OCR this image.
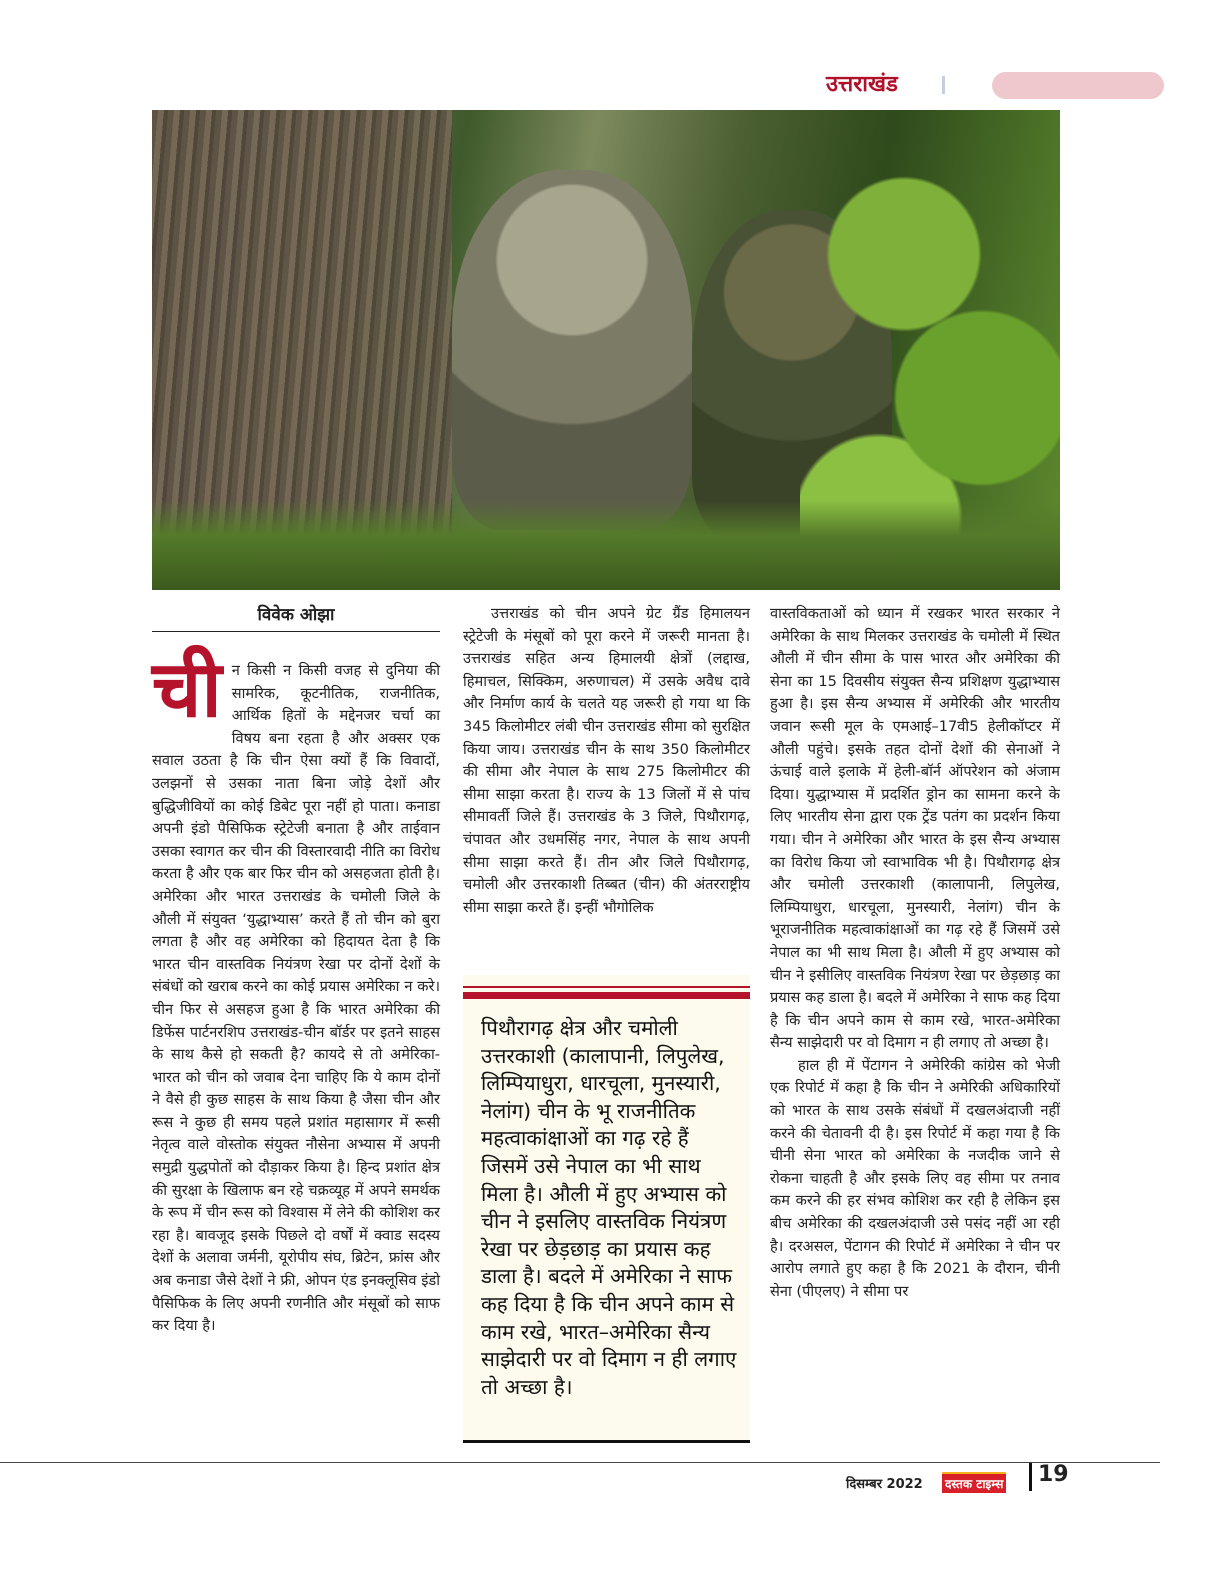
उत्तराखंड
विवेक ओझा
ची न किसी न किसी वजह से दुनिया की सामरिक, कूटनीतिक, राजनीतिक, आर्थिक हितों के मद्देनजर चर्चा का विषय बना रहता है और अक्सर एक सवाल उठता है कि चीन ऐसा क्यों हैं कि विवादों, उलझनों से उसका नाता बिना जोड़े देशों और बुद्धिजीवियों का कोई डिबेट पूरा नहीं हो पाता। कनाडा अपनी इंडो पैसिफिक स्ट्रेटेजी बनाता है और ताईवान उसका स्वागत कर चीन की विस्तारवादी नीति का विरोध करता है और एक बार फिर चीन को असहजता होती है। अमेरिका और भारत उत्तराखंड के चमोली जिले के औली में संयुक्त ‘युद्धाभ्यास’ करते हैं तो चीन को बुरा लगता है और वह अमेरिका को हिदायत देता है कि भारत चीन वास्तविक नियंत्रण रेखा पर दोनों देशों के संबंधों को खराब करने का कोई प्रयास अमेरिका न करे। चीन फिर से असहज हुआ है कि भारत अमेरिका की डिफेंस पार्टनरशिप उत्तराखंड-चीन बॉर्डर पर इतने साहस के साथ कैसे हो सकती है? कायदे से तो अमेरिका-भारत को चीन को जवाब देना चाहिए कि ये काम दोनों ने वैसे ही कुछ साहस के साथ किया है जैसा चीन और रूस ने कुछ ही समय पहले प्रशांत महासागर में रूसी नेतृत्व वाले वोस्तोक संयुक्त नौसेना अभ्यास में अपनी समुद्री युद्धपोतों को दौड़ाकर किया है। हिन्द प्रशांत क्षेत्र की सुरक्षा के खिलाफ बन रहे चक्रव्यूह में अपने समर्थक के रूप में चीन रूस को विश्वास में लेने की कोशिश कर रहा है। बावजूद इसके पिछले दो वर्षों में क्वाड सदस्य देशों के अलावा जर्मनी, यूरोपीय संघ, ब्रिटेन, फ्रांस और अब कनाडा जैसे देशों ने फ्री, ओपन एंड इनक्लूसिव इंडो पैसिफिक के लिए अपनी रणनीति और मंसूबों को साफ कर दिया है।

उत्तराखंड को चीन अपने ग्रेट ग्रैंड हिमालयन स्ट्रेटेजी के मंसूबों को पूरा करने में जरूरी मानता है। उत्तराखंड सहित अन्य हिमालयी क्षेत्रों (लद्दाख, हिमाचल, सिक्किम, अरुणाचल) में उसके अवैध दावे और निर्माण कार्य के चलते यह जरूरी हो गया था कि 345 किलोमीटर लंबी चीन उत्तराखंड सीमा को सुरक्षित किया जाय। उत्तराखंड चीन के साथ 350 किलोमीटर की सीमा और नेपाल के साथ 275 किलोमीटर की सीमा साझा करता है। राज्य के 13 जिलों में से पांच सीमावर्ती जिले हैं। उत्तराखंड के 3 जिले, पिथौरागढ़, चंपावत और उधमसिंह नगर, नेपाल के साथ अपनी सीमा साझा करते हैं। तीन और जिले पिथौरागढ़, चमोली और उत्तरकाशी तिब्बत (चीन) की अंतरराष्ट्रीय सीमा साझा करते हैं। इन्हीं भौगोलिक

पिथौरागढ़ क्षेत्र और चमोली उत्तरकाशी (कालापानी, लिपुलेख, लिम्पियाधुरा, धारचूला, मुनस्यारी, नेलांग) चीन के भू राजनीतिक महत्वाकांक्षाओं का गढ़ रहे हैं जिसमें उसे नेपाल का भी साथ मिला है। औली में हुए अभ्यास को चीन ने इसलिए वास्तविक नियंत्रण रेखा पर छेड़छाड़ का प्रयास कह डाला है। बदले में अमेरिका ने साफ कह दिया है कि चीन अपने काम से काम रखे, भारत–अमेरिका सैन्य साझेदारी पर वो दिमाग न ही लगाए तो अच्छा है।

वास्तविकताओं को ध्यान में रखकर भारत सरकार ने अमेरिका के साथ मिलकर उत्तराखंड के चमोली में स्थित औली में चीन सीमा के पास भारत और अमेरिका की सेना का 15 दिवसीय संयुक्त सैन्य प्रशिक्षण युद्धाभ्यास हुआ है। इस सैन्य अभ्यास में अमेरिकी और भारतीय जवान रूसी मूल के एमआई–17वी5 हेलीकॉप्टर में औली पहुंचे। इसके तहत दोनों देशों की सेनाओं ने ऊंचाई वाले इलाके में हेली-बॉर्न ऑपरेशन को अंजाम दिया। युद्धाभ्यास में प्रदर्शित ड्रोन का सामना करने के लिए भारतीय सेना द्वारा एक ट्रेंड पतंग का प्रदर्शन किया गया। चीन ने अमेरिका और भारत के इस सैन्य अभ्यास का विरोध किया जो स्वाभाविक भी है। पिथौरागढ़ क्षेत्र और चमोली उत्तरकाशी (कालापानी, लिपुलेख, लिम्पियाधुरा, धारचूला, मुनस्यारी, नेलांग) चीन के भूराजनीतिक महत्वाकांक्षाओं का गढ़ रहे हैं जिसमें उसे नेपाल का भी साथ मिला है। औली में हुए अभ्यास को चीन ने इसीलिए वास्तविक नियंत्रण रेखा पर छेड़छाड़ का प्रयास कह डाला है। बदले में अमेरिका ने साफ कह दिया है कि चीन अपने काम से काम रखे, भारत-अमेरिका सैन्य साझेदारी पर वो दिमाग न ही लगाए तो अच्छा है।

हाल ही में पेंटागन ने अमेरिकी कांग्रेस को भेजी एक रिपोर्ट में कहा है कि चीन ने अमेरिकी अधिकारियों को भारत के साथ उसके संबंधों में दखलअंदाजी नहीं करने की चेतावनी दी है। इस रिपोर्ट में कहा गया है कि चीनी सेना भारत को अमेरिका के नजदीक जाने से रोकना चाहती है और इसके लिए वह सीमा पर तनाव कम करने की हर संभव कोशिश कर रही है लेकिन इस बीच अमेरिका की दखलअंदाजी उसे पसंद नहीं आ रही है। दरअसल, पेंटागन की रिपोर्ट में अमेरिका ने चीन पर आरोप लगाते हुए कहा है कि 2021 के दौरान, चीनी सेना (पीएलए) ने सीमा पर

दिसम्बर 2022 दस्तक टाइम्स 19
